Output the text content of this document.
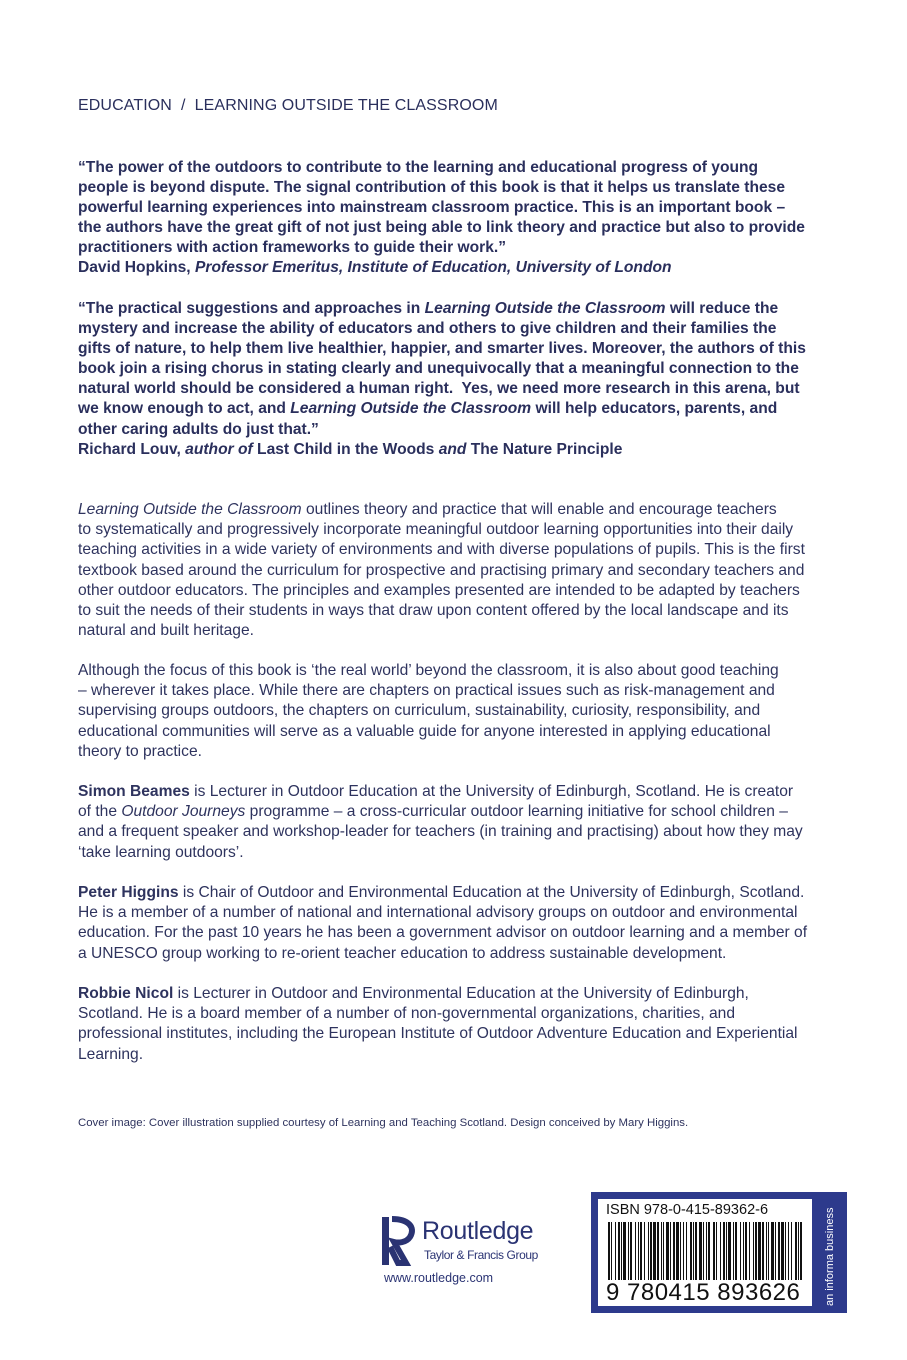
EDUCATION  /  LEARNING OUTSIDE THE CLASSROOM
“The power of the outdoors to contribute to the learning and educational progress of young
people is beyond dispute. The signal contribution of this book is that it helps us translate these
powerful learning experiences into mainstream classroom practice. This is an important book –
the authors have the great gift of not just being able to link theory and practice but also to provide
practitioners with action frameworks to guide their work.”
David Hopkins, Professor Emeritus, Institute of Education, University of London
“The practical suggestions and approaches in Learning Outside the Classroom will reduce the
mystery and increase the ability of educators and others to give children and their families the
gifts of nature, to help them live healthier, happier, and smarter lives. Moreover, the authors of this
book join a rising chorus in stating clearly and unequivocally that a meaningful connection to the
natural world should be considered a human right.  Yes, we need more research in this arena, but
we know enough to act, and Learning Outside the Classroom will help educators, parents, and
other caring adults do just that.”
Richard Louv, author of Last Child in the Woods and The Nature Principle
Learning Outside the Classroom outlines theory and practice that will enable and encourage teachers
to systematically and progressively incorporate meaningful outdoor learning opportunities into their daily
teaching activities in a wide variety of environments and with diverse populations of pupils. This is the first
textbook based around the curriculum for prospective and practising primary and secondary teachers and
other outdoor educators. The principles and examples presented are intended to be adapted by teachers
to suit the needs of their students in ways that draw upon content offered by the local landscape and its
natural and built heritage.
Although the focus of this book is ‘the real world’ beyond the classroom, it is also about good teaching
– wherever it takes place. While there are chapters on practical issues such as risk-management and
supervising groups outdoors, the chapters on curriculum, sustainability, curiosity, responsibility, and
educational communities will serve as a valuable guide for anyone interested in applying educational
theory to practice.
Simon Beames is Lecturer in Outdoor Education at the University of Edinburgh, Scotland. He is creator
of the Outdoor Journeys programme – a cross-curricular outdoor learning initiative for school children –
and a frequent speaker and workshop-leader for teachers (in training and practising) about how they may
‘take learning outdoors’.
Peter Higgins is Chair of Outdoor and Environmental Education at the University of Edinburgh, Scotland.
He is a member of a number of national and international advisory groups on outdoor and environmental
education. For the past 10 years he has been a government advisor on outdoor learning and a member of
a UNESCO group working to re-orient teacher education to address sustainable development.
Robbie Nicol is Lecturer in Outdoor and Environmental Education at the University of Edinburgh,
Scotland. He is a board member of a number of non-governmental organizations, charities, and
professional institutes, including the European Institute of Outdoor Adventure Education and Experiential
Learning.
Cover image: Cover illustration supplied courtesy of Learning and Teaching Scotland. Design conceived by Mary Higgins.
Routledge
Taylor & Francis Group
www.routledge.com
ISBN 978-0-415-89362-6
9 780415 893626	an informa business
